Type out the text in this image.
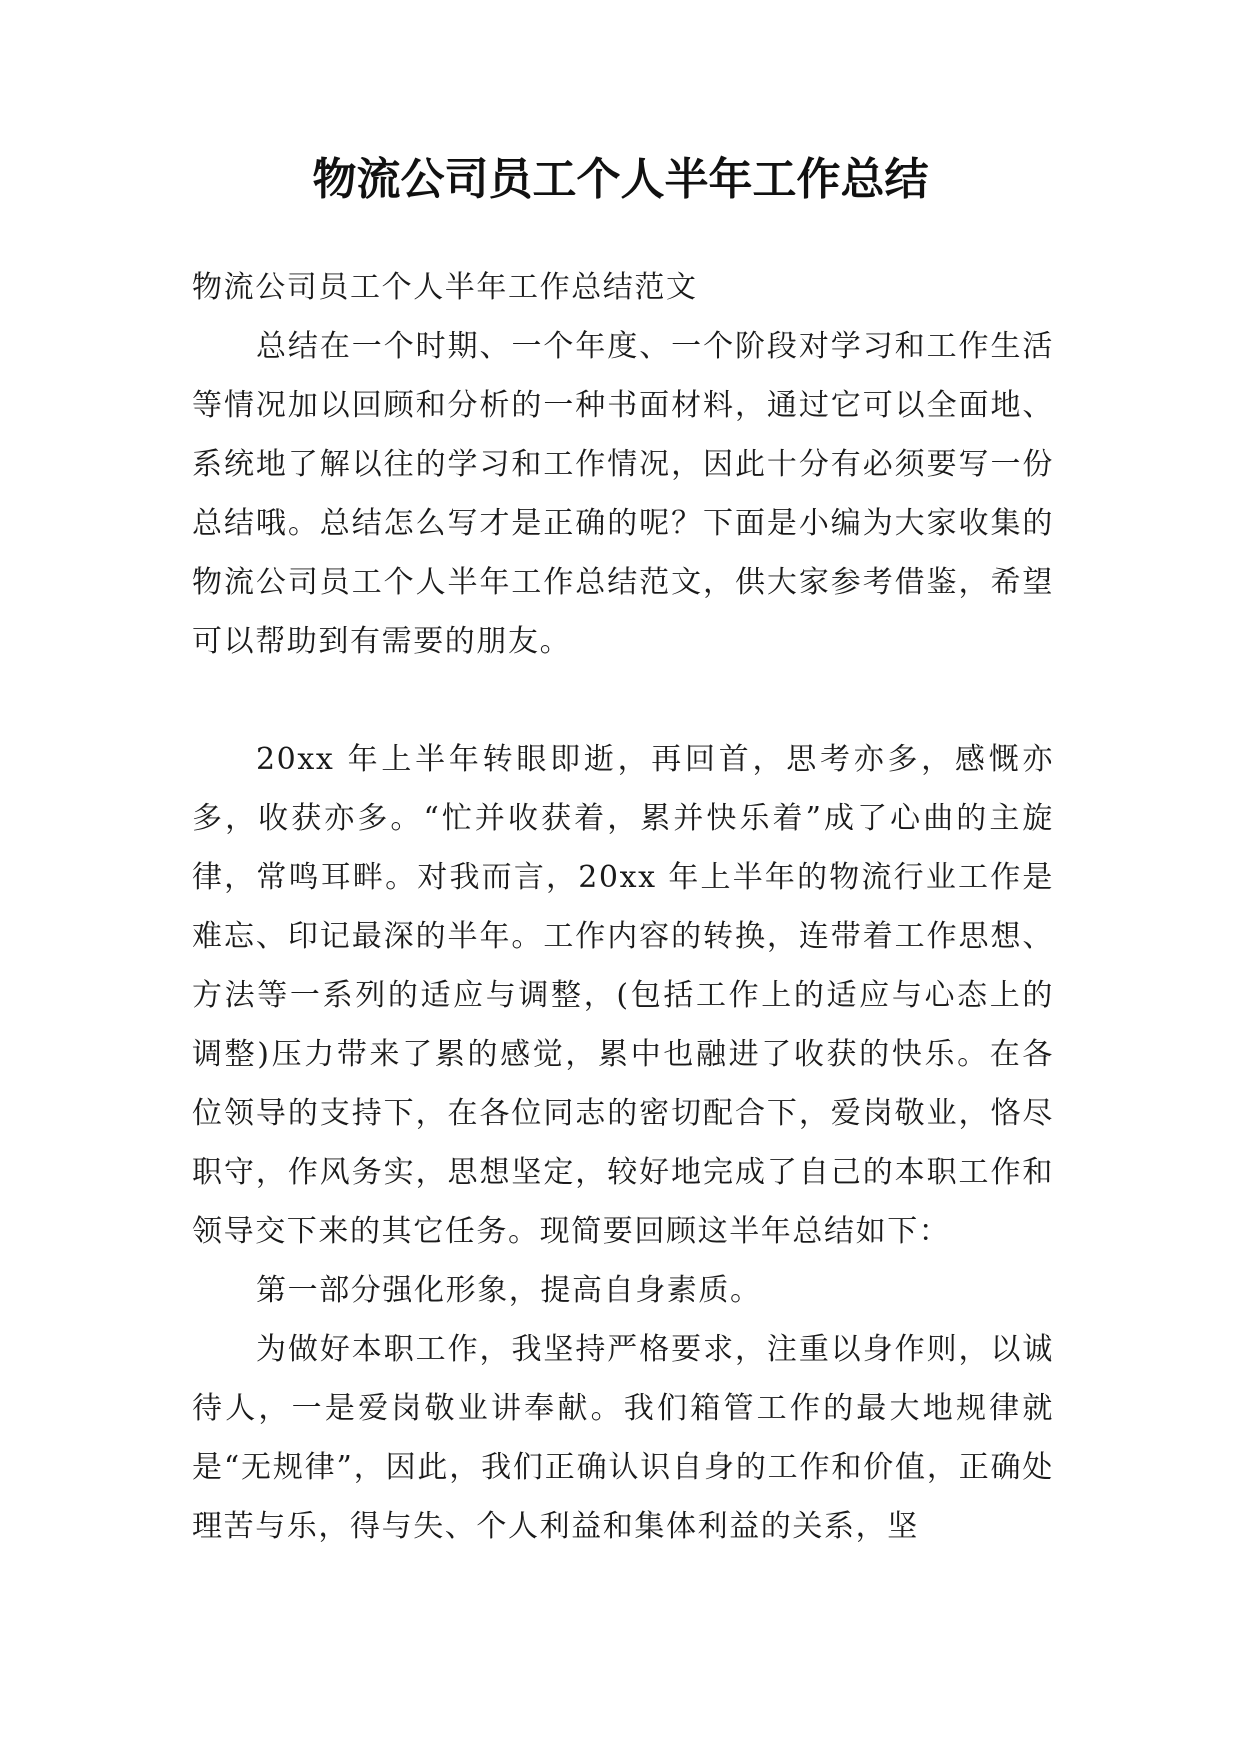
物流公司员工个人半年工作总结

物流公司员工个人半年工作总结范文

总结在一个时期、一个年度、一个阶段对学习和工作生活等情况加以回顾和分析的一种书面材料，通过它可以全面地、系统地了解以往的学习和工作情况，因此十分有必须要写一份总结哦。总结怎么写才是正确的呢？下面是小编为大家收集的物流公司员工个人半年工作总结范文，供大家参考借鉴，希望可以帮助到有需要的朋友。

20xx 年上半年转眼即逝，再回首，思考亦多，感慨亦多，收获亦多。“忙并收获着，累并快乐着”成了心曲的主旋律，常鸣耳畔。对我而言，20xx 年上半年的物流行业工作是难忘、印记最深的半年。工作内容的转换，连带着工作思想、方法等一系列的适应与调整，(包括工作上的适应与心态上的调整)压力带来了累的感觉，累中也融进了收获的快乐。在各位领导的支持下，在各位同志的密切配合下，爱岗敬业，恪尽职守，作风务实，思想坚定，较好地完成了自己的本职工作和领导交下来的其它任务。现简要回顾这半年总结如下：

第一部分强化形象，提高自身素质。

为做好本职工作，我坚持严格要求，注重以身作则，以诚待人，一是爱岗敬业讲奉献。我们箱管工作的最大地规律就是“无规律”，因此，我们正确认识自身的工作和价值，正确处理苦与乐，得与失、个人利益和集体利益的关系，坚
